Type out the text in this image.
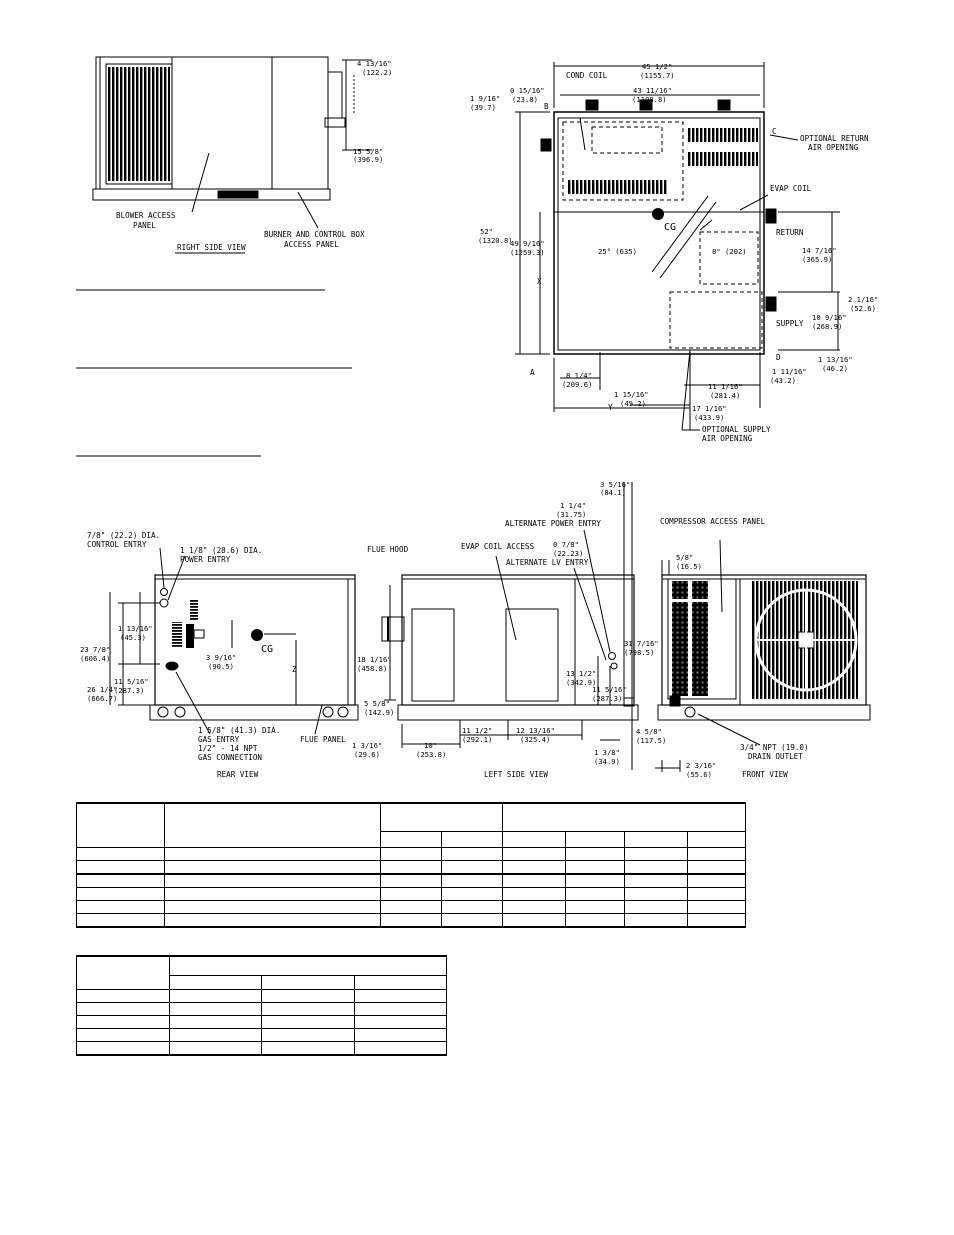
4 13/16"
(122.2)
15 5/8"
(396.9)
BLOWER ACCESS
PANEL
BURNER AND CONTROL BOX
ACCESS PANEL
RIGHT SIDE VIEW
45 1/2"
(1155.7)
COND COIL
0 15/16"
(23.8)
1 9/16"
(39.7)
43 11/16"
(1108.8)
B
C
OPTIONAL RETURN
AIR OPENING
EVAP COIL
CG	RETURN
25° (635)	8" (202)	14 7/16"
(365.9)
52"
(1320.8)
49 9/16"
(1259.3)
X
2 1/16"
(52.6)
10 9/16"
(268.9)
SUPPLY
D	1 13/16"
(46.2)
1 11/16"
(43.2)
A	8 1/4"
(209.6)	11 1/16"
(281.4)
1 15/16"
(49.2)
Y	17 1/16"
(433.9)
OPTIONAL SUPPLY
AIR OPENING
7/8" (22.2) DIA.
CONTROL ENTRY
1 1/8" (28.6) DIA.
POWER ENTRY
1 13/16"
(45.3)
23 7/8"
(606.4)
11 5/16"
(287.3)
26 1/4"
(666.7)
3 9/16"
(90.5)
CG
Z
1 5/8" (41.3) DIA.
GAS ENTRY
1/2" - 14 NPT
GAS CONNECTION
FLUE PANEL
REAR VIEW
FLUE HOOD	EVAP COIL ACCESS
3 5/16"
(84.1)
1 1/4"
(31.75)
ALTERNATE POWER ENTRY
0 7/8"
(22.23)
ALTERNATE LV ENTRY
18 1/16"
(458.8)
5 5/8"
(142.9)
13 1/2"
(342.9)
11 5/16"
(287.3)
31 7/16"
(798.5)
1 3/16"
(29.6)
10"
(253.8)
11 1/2"
(292.1)
12 13/16"
(325.4)
1 3/8"
(34.9)
4 5/8"
(117.5)
LEFT SIDE VIEW
COMPRESSOR ACCESS PANEL
5/8"
(16.5)
3/4" NPT (19.0)
DRAIN OUTLET
2 3/16"
(55.6)	FRONT VIEW
